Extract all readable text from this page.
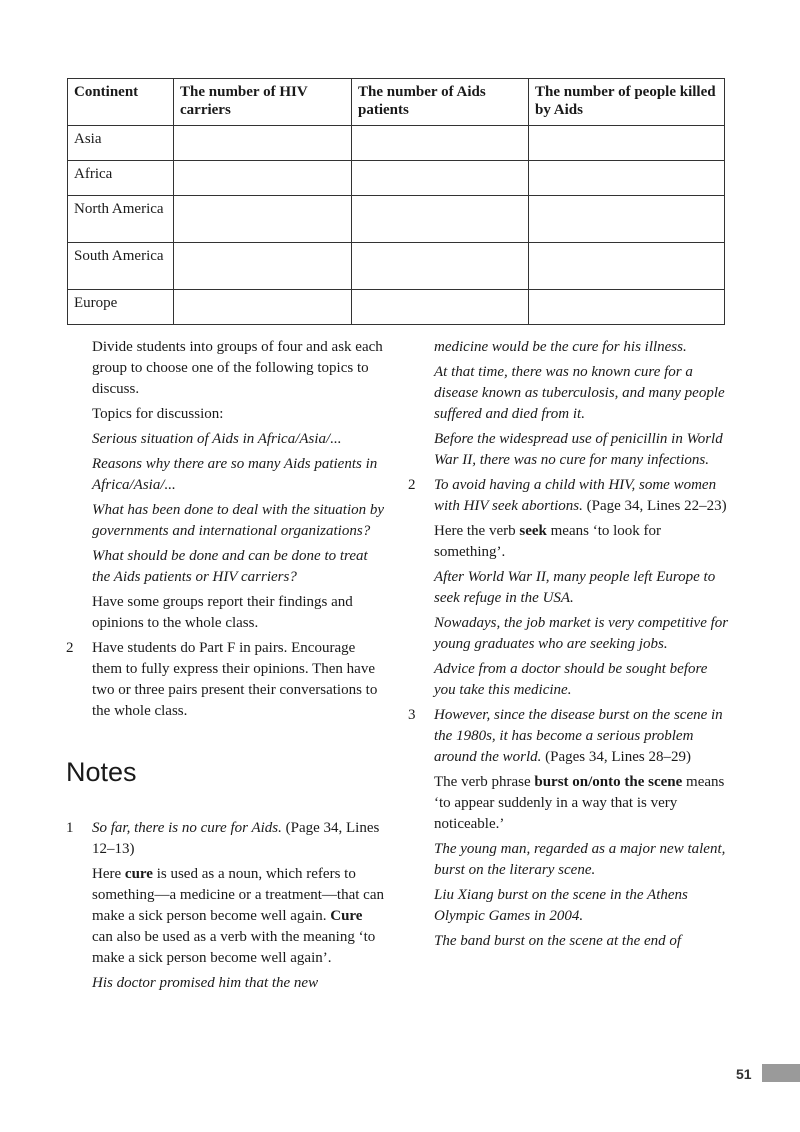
Continent	The number of HIV carriers	The number of Aids patients	The number of people killed by Aids
Asia			
Africa			
North America			
South America			
Europe			

Divide students into groups of four and ask each group to choose one of the following topics to discuss.

Topics for discussion:

Serious situation of Aids in Africa/Asia/...

Reasons why there are so many Aids patients in Africa/Asia/...

What has been done to deal with the situation by governments and international organizations?

What should be done and can be done to treat the Aids patients or HIV carriers?

Have some groups report their findings and opinions to the whole class.

2	Have students do Part F in pairs. Encourage them to fully express their opinions. Then have two or three pairs present their conversations to the whole class.

Notes

1	So far, there is no cure for Aids. (Page 34, Lines 12–13)

Here cure is used as a noun, which refers to something—a medicine or a treatment—that can make a sick person become well again. Cure can also be used as a verb with the meaning ‘to make a sick person become well again’.

His doctor promised him that the new

medicine would be the cure for his illness.

At that time, there was no known cure for a disease known as tuberculosis, and many people suffered and died from it.

Before the widespread use of penicillin in World War II, there was no cure for many infections.

2	To avoid having a child with HIV, some women with HIV seek abortions. (Page 34, Lines 22–23)

Here the verb seek means ‘to look for something’.

After World War II, many people left Europe to seek refuge in the USA.

Nowadays, the job market is very competitive for young graduates who are seeking jobs.

Advice from a doctor should be sought before you take this medicine.

3	However, since the disease burst on the scene in the 1980s, it has become a serious problem around the world. (Pages 34, Lines 28–29)

The verb phrase burst on/onto the scene means ‘to appear suddenly in a way that is very noticeable.’

The young man, regarded as a major new talent, burst on the literary scene.

Liu Xiang burst on the scene in the Athens Olympic Games in 2004.

The band burst on the scene at the end of

51
